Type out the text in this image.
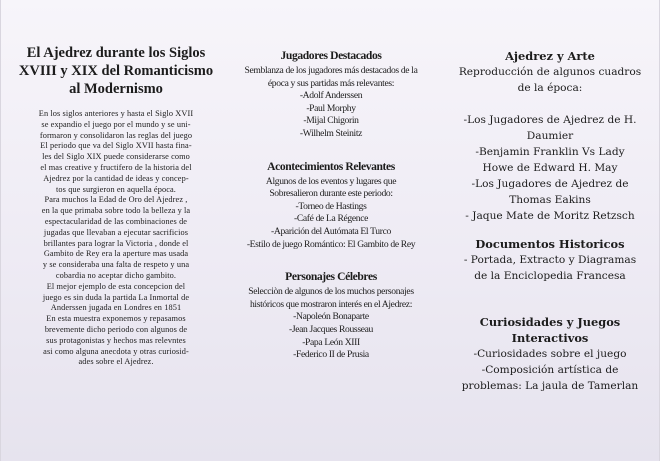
El Ajedrez durante los Siglos
XVIII y XIX del Romanticismo
al Modernismo
En los siglos anteriores y hasta el Siglo XVII
se expandio el juego por el mundo y se uni-
formaron y consolidaron las reglas del juego
El periodo que va del Siglo XVII hasta fina-
les del Siglo XIX puede considerarse como
el mas creative y fructifero de la historia del
Ajedrez por la cantidad de ideas y concep-
tos que surgieron en aquella época.
Para muchos la Edad de Oro del Ajedrez ,
en la que primaba sobre todo la belleza y la
espectacularidad de las combinaciones de
jugadas que llevaban a ejecutar sacrificios
brillantes para lograr la Victoria , donde el
Gambito de Rey era la aperture mas usada
y se consideraba una falta de respeto y una
cobardia no aceptar dicho gambito.
El mejor ejemplo de esta concepcion del
juego es sin duda la partida La Inmortal de
Anderssen jugada en Londres en 1851
En esta muestra exponemos y repasamos
brevemente dicho periodo con algunos de
sus protagonistas y hechos mas relevntes
asi como alguna anecdota y otras curiosid-
ades sobre el Ajedrez.
Jugadores Destacados

Semblanza de los jugadores más destacados de la

época y sus partidas más relevantes:

-Adolf Anderssen

-Paul Morphy

-Mijal Chigorin

-Wilhelm Steinitz

Acontecimientos Relevantes

Algunos de los eventos y lugares que

Sobresalieron durante este periodo:

-Torneo de Hastings

-Café de La Régence

-Aparición del Autómata El Turco

-Estilo de juego Romántico: El Gambito de Rey

Personajes Célebres

Selecciòn de algunos de los muchos personajes

históricos que mostraron interés en el Ajedrez:

-Napoleón Bonaparte

-Jean Jacques Rousseau

-Papa León XIII

-Federico II de Prusia

Ajedrez y Arte

Reproducción de algunos cuadros

de la época:

-Los Jugadores de Ajedrez de H.

Daumier

-Benjamin Franklin Vs Lady

Howe de Edward H. May

-Los Jugadores de Ajedrez de

Thomas Eakins

- Jaque Mate de Moritz Retzsch

Documentos Historicos

- Portada, Extracto y Diagramas

de la Enciclopedia Francesa

Curiosidades y Juegos
Interactivos

-Curiosidades sobre el juego

-Composición artística de

problemas: La jaula de Tamerlan
